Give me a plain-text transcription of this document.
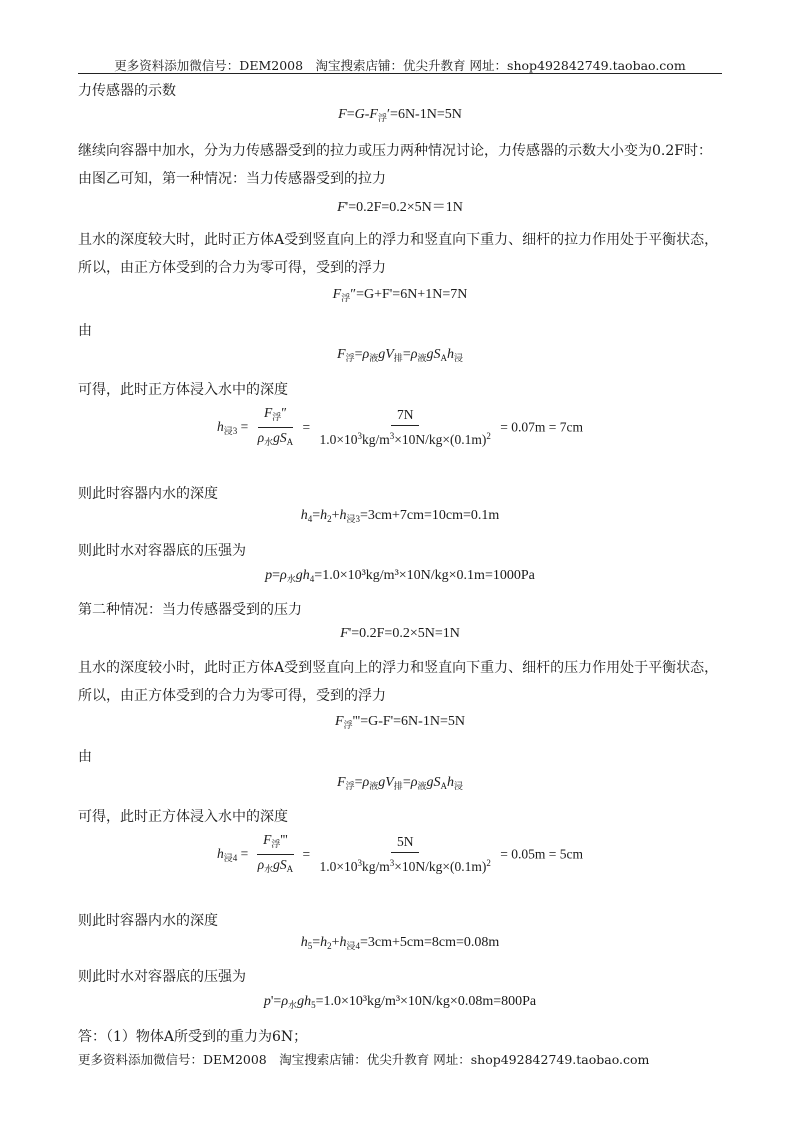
更多资料添加微信号：DEM2008　淘宝搜索店铺：优尖升教育 网址：shop492842749.taobao.com
力传感器的示数
$F=G-F_浮'=6N-1N=5N$
继续向容器中加水，分为力传感器受到的拉力或压力两种情况讨论，力传感器的示数大小变为0.2F时：
由图乙可知，第一种情况：当力传感器受到的拉力
F'=0.2F=0.2×5N＝1N
且水的深度较大时，此时正方体A受到竖直向上的浮力和竖直向下重力、细杆的拉力作用处于平衡状态，
所以，由正方体受到的合力为零可得，受到的浮力
$F_浮''=G+F'=6N+1N=7N$
由
$F_浮=\rho_液gV_排=\rho_液gS_Ah_浸$
可得，此时正方体浸入水中的深度
$h_{浸3} = \frac{F_浮''}{\rho_水gS_A} = \frac{7N}{1.0\times 10^3kg/m^3\times 10N/kg\times(0.1m)^2} = 0.07m = 7cm$
则此时容器内水的深度
$h_4=h_2+h_{浸3}=3cm+7cm=10cm=0.1m$
则此时水对容器底的压强为
$p=\rho_水gh_4=1.0\times 10^3kg/m^3\times 10N/kg\times 0.1m=1000Pa$
第二种情况：当力传感器受到的压力
F'=0.2F=0.2×5N=1N
且水的深度较小时，此时正方体A受到竖直向上的浮力和竖直向下重力、细杆的压力作用处于平衡状态，
所以，由正方体受到的合力为零可得，受到的浮力
$F_浮'''=G-F'=6N-1N=5N$
由
$F_浮=\rho_液gV_排=\rho_液gS_Ah_浸$
可得，此时正方体浸入水中的深度
$h_{浸4} = \frac{F_浮'''}{\rho_水gS_A} = \frac{5N}{1.0\times 10^3kg/m^3\times 10N/kg\times(0.1m)^2} = 0.05m = 5cm$
则此时容器内水的深度
$h_5=h_2+h_{浸4}=3cm+5cm=8cm=0.08m$
则此时水对容器底的压强为
$p'=\rho_水gh_5=1.0\times 10^3kg/m^3\times 10N/kg\times 0.08m=800Pa$
答：（1）物体A所受到的重力为6N；
更多资料添加微信号：DEM2008　淘宝搜索店铺：优尖升教育 网址：shop492842749.taobao.com
